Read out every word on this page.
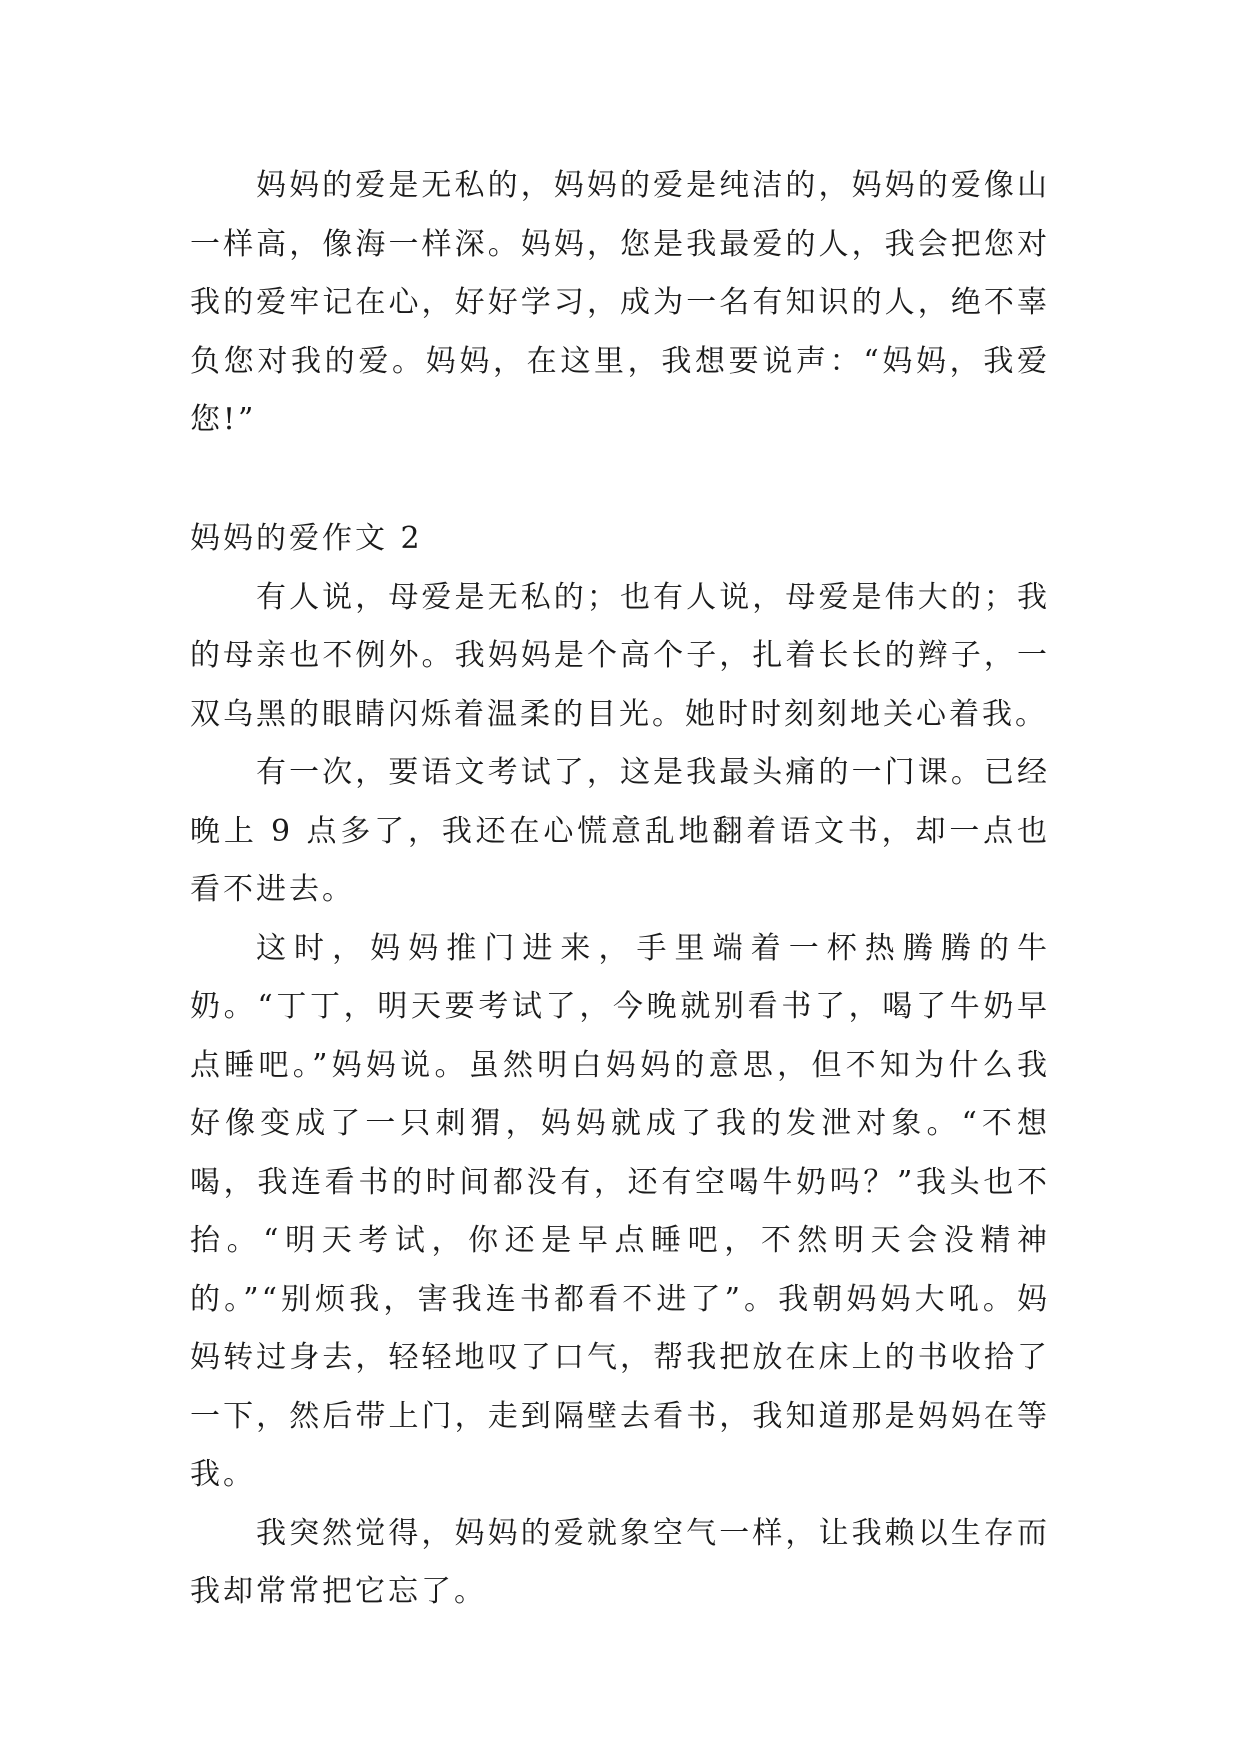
妈妈的爱是无私的，妈妈的爱是纯洁的，妈妈的爱像山一样高，像海一样深。妈妈，您是我最爱的人，我会把您对我的爱牢记在心，好好学习，成为一名有知识的人，绝不辜负您对我的爱。妈妈，在这里，我想要说声：“妈妈，我爱您!”

妈妈的爱作文 2

有人说，母爱是无私的；也有人说，母爱是伟大的；我的母亲也不例外。我妈妈是个高个子，扎着长长的辫子，一双乌黑的眼睛闪烁着温柔的目光。她时时刻刻地关心着我。

有一次，要语文考试了，这是我最头痛的一门课。已经晚上 9 点多了，我还在心慌意乱地翻着语文书，却一点也看不进去。

这时，妈妈推门进来，手里端着一杯热腾腾的牛奶。“丁丁，明天要考试了，今晚就别看书了，喝了牛奶早点睡吧。”妈妈说。虽然明白妈妈的意思，但不知为什么我好像变成了一只刺猬，妈妈就成了我的发泄对象。“不想喝，我连看书的时间都没有，还有空喝牛奶吗？”我头也不抬。“明天考试，你还是早点睡吧，不然明天会没精神的。”“别烦我，害我连书都看不进了”。我朝妈妈大吼。妈妈转过身去，轻轻地叹了口气，帮我把放在床上的书收拾了一下，然后带上门，走到隔壁去看书，我知道那是妈妈在等我。

我突然觉得，妈妈的爱就象空气一样，让我赖以生存而我却常常把它忘了。
